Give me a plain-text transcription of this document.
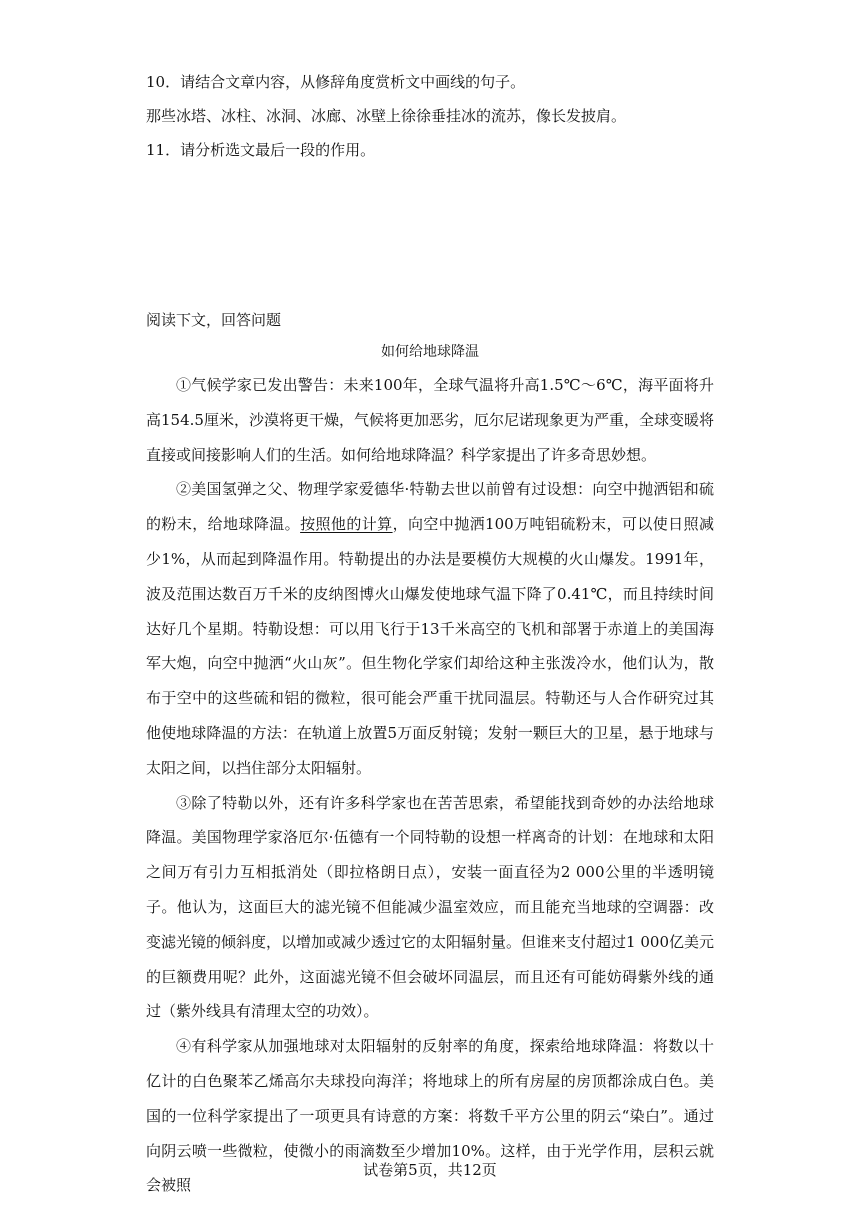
10．请结合文章内容，从修辞角度赏析文中画线的句子。
那些冰塔、冰柱、冰洞、冰廊、冰壁上徐徐垂挂冰的流苏，像长发披肩。
11．请分析选文最后一段的作用。
阅读下文，回答问题
如何给地球降温

①气候学家已发出警告：未来100年，全球气温将升高1.5℃～6℃，海平面将升高154.5厘米，沙漠将更干燥，气候将更加恶劣，厄尔尼诺现象更为严重，全球变暖将直接或间接影响人们的生活。如何给地球降温？科学家提出了许多奇思妙想。

②美国氢弹之父、物理学家爱德华·特勒去世以前曾有过设想：向空中抛洒铝和硫的粉末，给地球降温。按照他的计算，向空中抛洒100万吨铝硫粉末，可以使日照减少1%，从而起到降温作用。特勒提出的办法是要模仿大规模的火山爆发。1991年，波及范围达数百万千米的皮纳图博火山爆发使地球气温下降了0.41℃，而且持续时间达好几个星期。特勒设想：可以用飞行于13千米高空的飞机和部署于赤道上的美国海军大炮，向空中抛洒“火山灰”。但生物化学家们却给这种主张泼冷水，他们认为，散布于空中的这些硫和铝的微粒，很可能会严重干扰同温层。特勒还与人合作研究过其他使地球降温的方法：在轨道上放置5万面反射镜；发射一颗巨大的卫星，悬于地球与太阳之间，以挡住部分太阳辐射。

③除了特勒以外，还有许多科学家也在苦苦思索，希望能找到奇妙的办法给地球降温。美国物理学家洛厄尔·伍德有一个同特勒的设想一样离奇的计划：在地球和太阳之间万有引力互相抵消处（即拉格朗日点），安装一面直径为2 000公里的半透明镜子。他认为，这面巨大的滤光镜不但能减少温室效应，而且能充当地球的空调器：改变滤光镜的倾斜度，以增加或减少透过它的太阳辐射量。但谁来支付超过1 000亿美元的巨额费用呢？此外，这面滤光镜不但会破坏同温层，而且还有可能妨碍紫外线的通过（紫外线具有清理太空的功效）。

④有科学家从加强地球对太阳辐射的反射率的角度，探索给地球降温：将数以十亿计的白色聚苯乙烯高尔夫球投向海洋；将地球上的所有房屋的房顶都涂成白色。美国的一位科学家提出了一项更具有诗意的方案：将数千平方公里的阴云“染白”。通过向阴云喷一些微粒，使微小的雨滴数至少增加10%。这样，由于光学作用，层积云就会被照

试卷第5页，共12页
